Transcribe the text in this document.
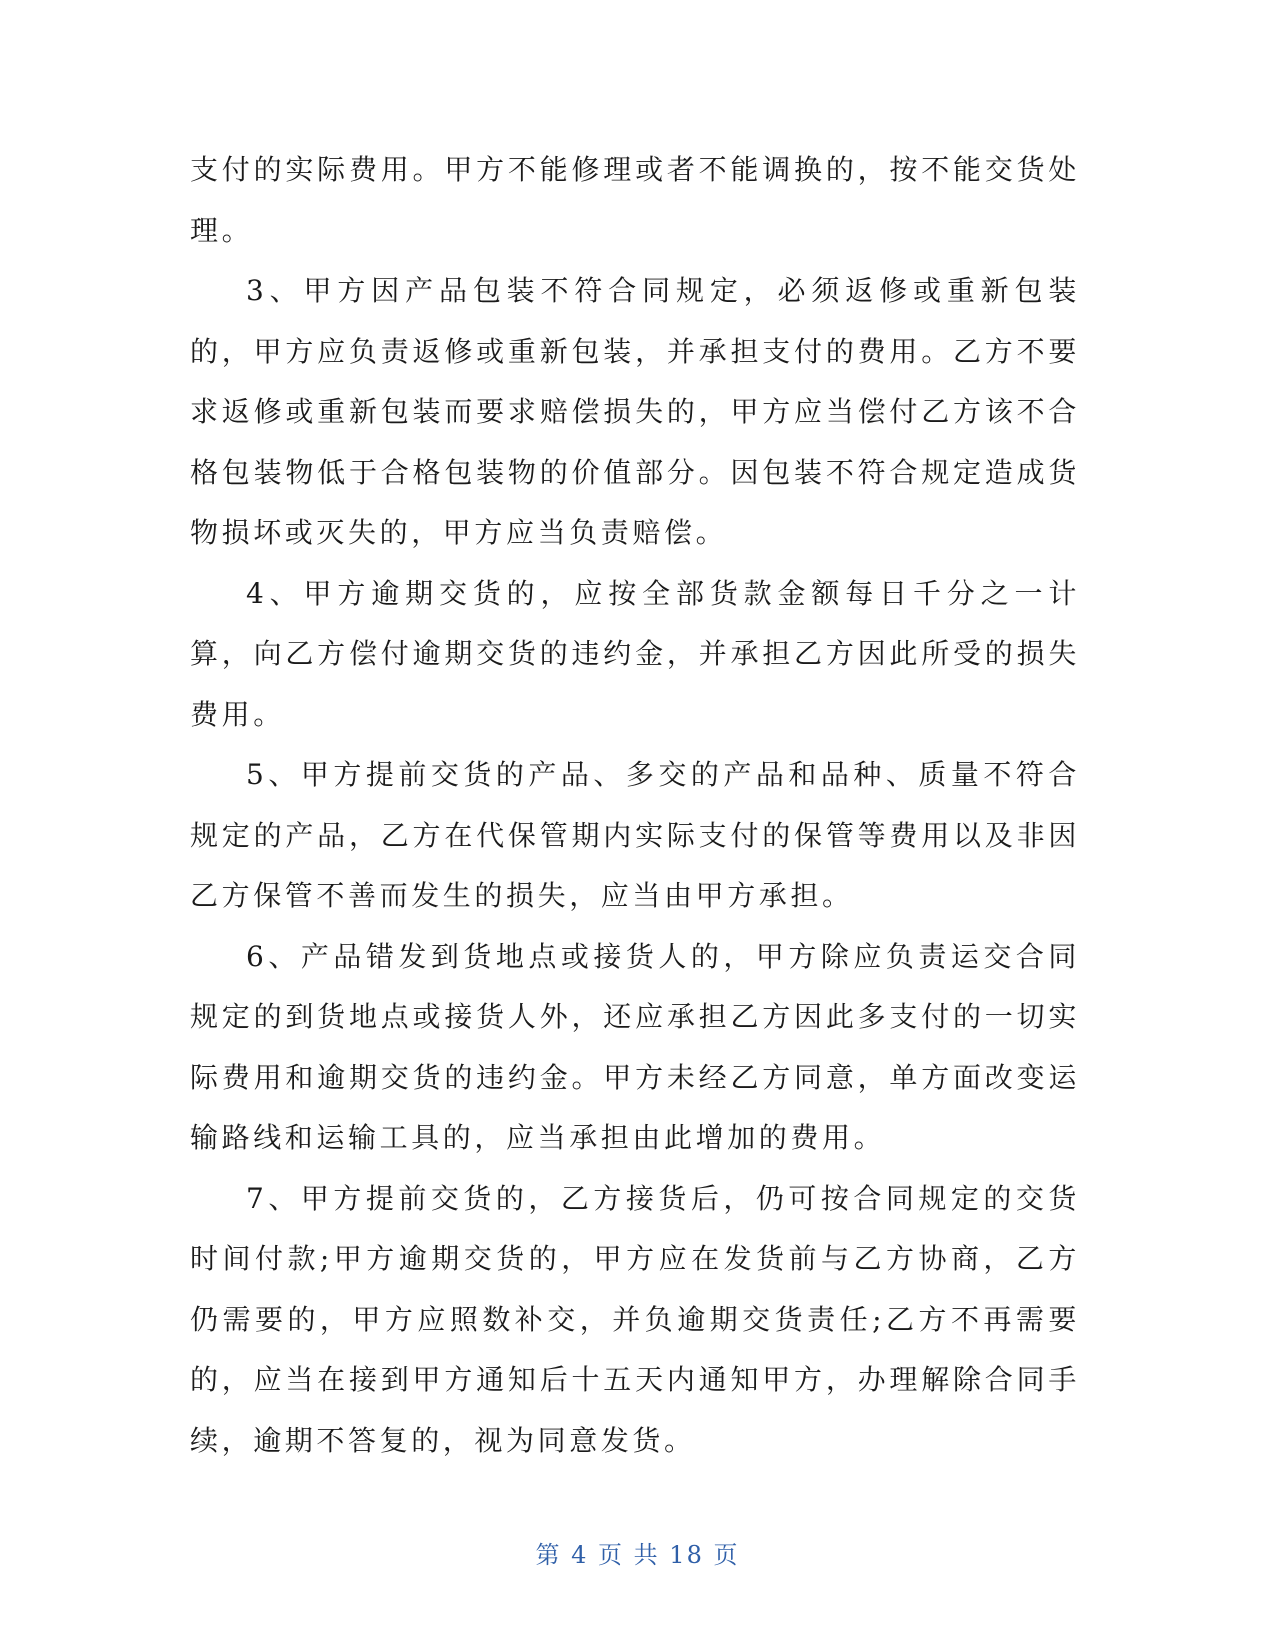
支付的实际费用。甲方不能修理或者不能调换的，按不能交货处理。

3、甲方因产品包装不符合同规定，必须返修或重新包装的，甲方应负责返修或重新包装，并承担支付的费用。乙方不要求返修或重新包装而要求赔偿损失的，甲方应当偿付乙方该不合格包装物低于合格包装物的价值部分。因包装不符合规定造成货物损坏或灭失的，甲方应当负责赔偿。

4、甲方逾期交货的，应按全部货款金额每日千分之一计算，向乙方偿付逾期交货的违约金，并承担乙方因此所受的损失费用。

5、甲方提前交货的产品、多交的产品和品种、质量不符合规定的产品，乙方在代保管期内实际支付的保管等费用以及非因乙方保管不善而发生的损失，应当由甲方承担。

6、产品错发到货地点或接货人的，甲方除应负责运交合同规定的到货地点或接货人外，还应承担乙方因此多支付的一切实际费用和逾期交货的违约金。甲方未经乙方同意，单方面改变运输路线和运输工具的，应当承担由此增加的费用。

7、甲方提前交货的，乙方接货后，仍可按合同规定的交货时间付款;甲方逾期交货的，甲方应在发货前与乙方协商，乙方仍需要的，甲方应照数补交，并负逾期交货责任;乙方不再需要的，应当在接到甲方通知后十五天内通知甲方，办理解除合同手续，逾期不答复的，视为同意发货。

第 4 页 共 18 页
